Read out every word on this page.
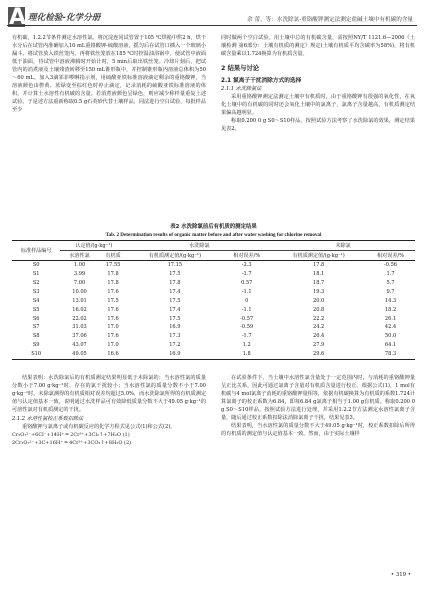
A 理化检验-化学分册	余 蕾，等：水洗除氯-重铬酸钾测定法测定盐碱土壤中有机碳的含量

有机碳，1.2.2节条件测定水溶性氯。将沉淀连同试管置于105 ℃烘箱中烘2 h，烘干水分后在试管内准确加入10 mL重铬酸钾-硫酸溶液，摇匀后在试管口插入一个玻璃小漏斗。将试管放入铁丝笼内，再将铁丝笼放在185 ℃时控温油浴锅中，使试管中液面低于油面，待试管中溶液沸腾时开始计时，5 min后取出铁丝笼。冷却片刻后，把试管内的消煮液及土壤残渣转移至150 mL锥形瓶中，并控制锥形瓶内溶液总体积为50～60 mL。加入3滴邻菲啰啉指示剂，用硫酸亚铁标准溶液滴定剩余的重铬酸钾，当溶液颜色由橙黄、蓝绿变至棕红色时停止滴定，记录消耗的硫酸亚铁标准溶液的体积，并计算土水溶性有机碳的含量。若消煮液颜色呈绿色，则应减少称样量重复上述试验。于是述方法重新称取0.5 g石英砂代替土壤样品，同法进行空白试验，每批样品至少

同时做两个空白试验。用土壤中总的有机碳含量，需按照NY/T 1121.6—2006《土壤检测 第6部分：土壤有机质的测定》规定(土壤有机质平均含碳率为58%)，将有机碳含量乘以1.724换算为有机质含量。

2 结果与讨论
2.1 氯离子干扰消除方式的选择
2.1.1 水洗除氯法

采用重铬酸钾测定法测定土壤中有机质时，由于重铬酸钾有很强的氧化性，在氧化土壤中的有机碳的同时还会氧化土壤中的氯离子，氯离子含量越高，有机质测定结果偏高越明显。

称取0.200 0 g S0～S10样品，按照试验方法考察了水洗除氯的效果，测定结果见表2。

表2 水洗除氯前后有机质的测定结果

Tab. 2 Determination results of organic matter before and after water washing for chlorine removal

标准样品编号	认定值/(g·kg⁻¹)		水洗除氯		未除氯	
	水溶性氯	有机质	有机质测定值/(g·kg⁻¹)	相对误差/%	有机质测定值/(g·kg⁻¹)	相对误差/%
S0	1.00	17.55	17.15	-2.3	17.8	-0.56
S1	3.99	17.8	17.5	-1.7	18.1	1.7
S2	7.00	17.8	17.8	0.57	18.7	5.7
S3	10.00	17.6	17.4	-1.1	19.3	9.7
S4	13.01	17.5	17.5	0	20.0	14.3
S5	16.02	17.6	17.4	-1.1	20.8	18.2
S6	22.02	17.6	17.5	-0.57	22.2	26.1
S7	31.03	17.0	16.9	-0.59	24.2	42.4
S8	37.06	17.6	17.3	-1.7	26.4	50.0
S9	43.07	17.0	17.2	1.2	27.9	64.1
S10	49.05	16.6	16.9	1.8	29.6	78.3

结果表明：水洗除氯后的有机质测定结果明显低于未除氯的；当水溶性氯的质量分数小于7.00 g·kg⁻¹时，存在的氯干扰较小；当水溶性氯的质量分数不小于7.00 g·kg⁻¹时，未除氯测得的有机质相对误差均超过5.0%，而水洗除氯所得的有机质测定值与认定值基本一致，说明通过水洗样品可有效降低质量分数不大于49.05 g·kg⁻¹的可溶性氯对有机质测定的干扰。

2.1.2 水溶性氯校正系数扣除法

重铬酸钾与氯离子或有机碳反应的化学方程式见公式(1)和公式(2)。

Cr₂O₇²⁻+6Cl⁻+14H⁺ ═ 2Cr³⁺+3Cl₂↑+7H₂O (1)

2Cr₂O₇²⁻+3C+16H⁺ ═ 4Cr³⁺+3CO₂↑+8H₂O (2)

在试验条件下，当土壤中水溶性氯含量处于一定范围内时，与消耗的重铬酸钾量呈正比关系，因此可通过氯离子含量对有机质含量进行校正。根据公式(1)，1 mol有机碳与4 mol氯离子消耗的重铬酸钾量相等，依据有机碳换算为有机质的系数1.724计算氯离子的校正系数为6.84，即每6.84 g氯离子相当于1.00 g有机质。称取0.200 0 g S0～S10样品，按照试验方法进行处理，并采用1.2.2节方法测定水溶性氯离子含量，随后通过校正系数扣除法消除氯离子干扰，结果见表3。

结果表明，当水溶性氯的质量分数不大于49.05 g·kg⁻¹时，校正系数扣除后所得的有机质的测定值与认定值基本一致。然而，由于实际土壤样

• 319 •
